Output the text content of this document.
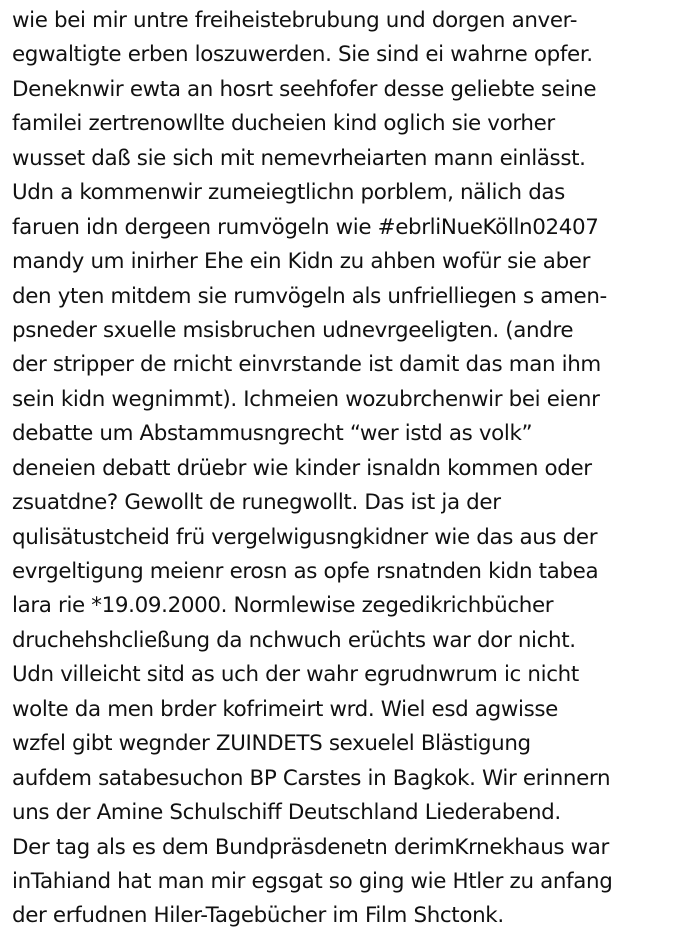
wie bei mir untre freiheistebrubung und dorgen anver-
egwaltigte erben loszuwerden. Sie sind ei wahrne opfer.
Deneknwir ewta an hosrt seehfofer desse geliebte seine
familei zertrenowllte ducheien kind oglich sie vorher
wusset daß sie sich mit nemevrheiarten mann einlässt.
Udn a kommenwir zumeiegtlichn porblem, nälich das
faruen idn dergeen rumvögeln wie #ebrliNueKölln02407
mandy um inirher Ehe ein Kidn zu ahben wofür sie aber
den yten mitdem sie rumvögeln als unfrielliegen s amen-
psneder sxuelle msisbruchen udnevrgeeligten. (andre
der stripper de rnicht einvrstande ist damit das man ihm
sein kidn wegnimmt). Ichmeien wozubrchenwir bei eienr
debatte um Abstammusngrecht “wer istd as volk”
deneien debatt drüebr wie kinder isnaldn kommen oder
zsuatdne? Gewollt de runegwollt. Das ist ja der
qulisätustcheid frü vergelwigusngkidner wie das aus der
evrgeltigung meienr erosn as opfe rsnatnden kidn tabea
lara rie *19.09.2000. Normlewise zegedikrichbücher
druchehshcließung da nchwuch erüchts war dor nicht.
Udn villeicht sitd as uch der wahr egrudnwrum ic nicht
wolte da men brder kofrimeirt wrd. Wiel esd agwisse
wzfel gibt wegnder ZUINDETS sexuelel Blästigung
aufdem satabesuchon BP Carstes in Bagkok. Wir erinnern
uns der Amine Schulschiff Deutschland Liederabend.
Der tag als es dem Bundpräsdenetn derimKrnekhaus war
inTahiand hat man mir egsgat so ging wie Htler zu anfang
der erfudnen Hiler-Tagebücher im Film Shctonk.
